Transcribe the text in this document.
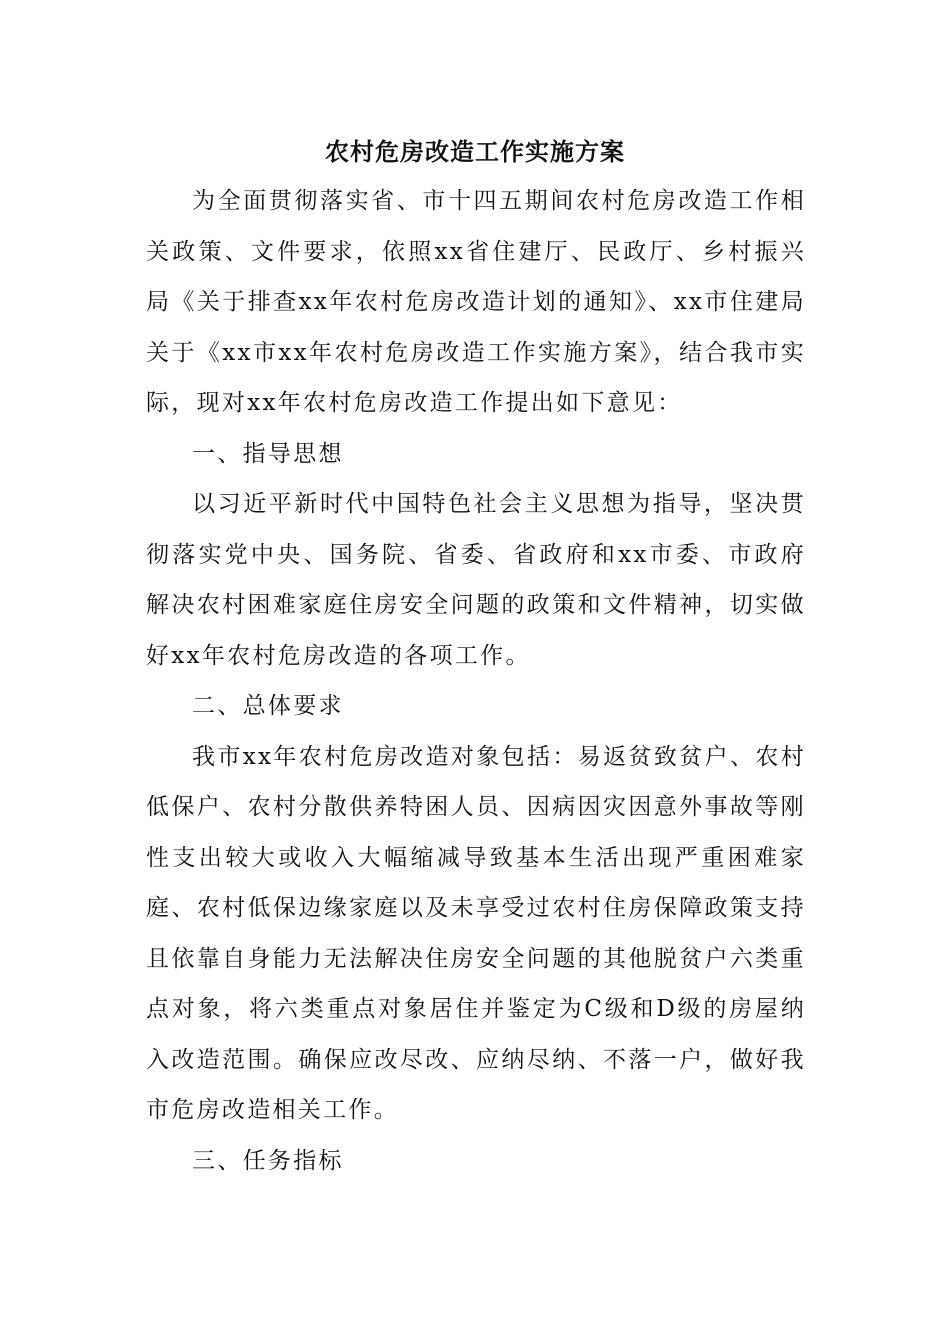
农村危房改造工作实施方案

为全面贯彻落实省、市十四五期间农村危房改造工作相关政策、文件要求，依照xx省住建厅、民政厅、乡村振兴局《关于排查xx年农村危房改造计划的通知》、xx市住建局关于《xx市xx年农村危房改造工作实施方案》，结合我市实际，现对xx年农村危房改造工作提出如下意见：

一、指导思想

以习近平新时代中国特色社会主义思想为指导，坚决贯彻落实党中央、国务院、省委、省政府和xx市委、市政府解决农村困难家庭住房安全问题的政策和文件精神，切实做好xx年农村危房改造的各项工作。

二、总体要求

我市xx年农村危房改造对象包括：易返贫致贫户、农村低保户、农村分散供养特困人员、因病因灾因意外事故等刚性支出较大或收入大幅缩减导致基本生活出现严重困难家庭、农村低保边缘家庭以及未享受过农村住房保障政策支持且依靠自身能力无法解决住房安全问题的其他脱贫户六类重点对象，将六类重点对象居住并鉴定为C级和D级的房屋纳入改造范围。确保应改尽改、应纳尽纳、不落一户，做好我市危房改造相关工作。

三、任务指标
